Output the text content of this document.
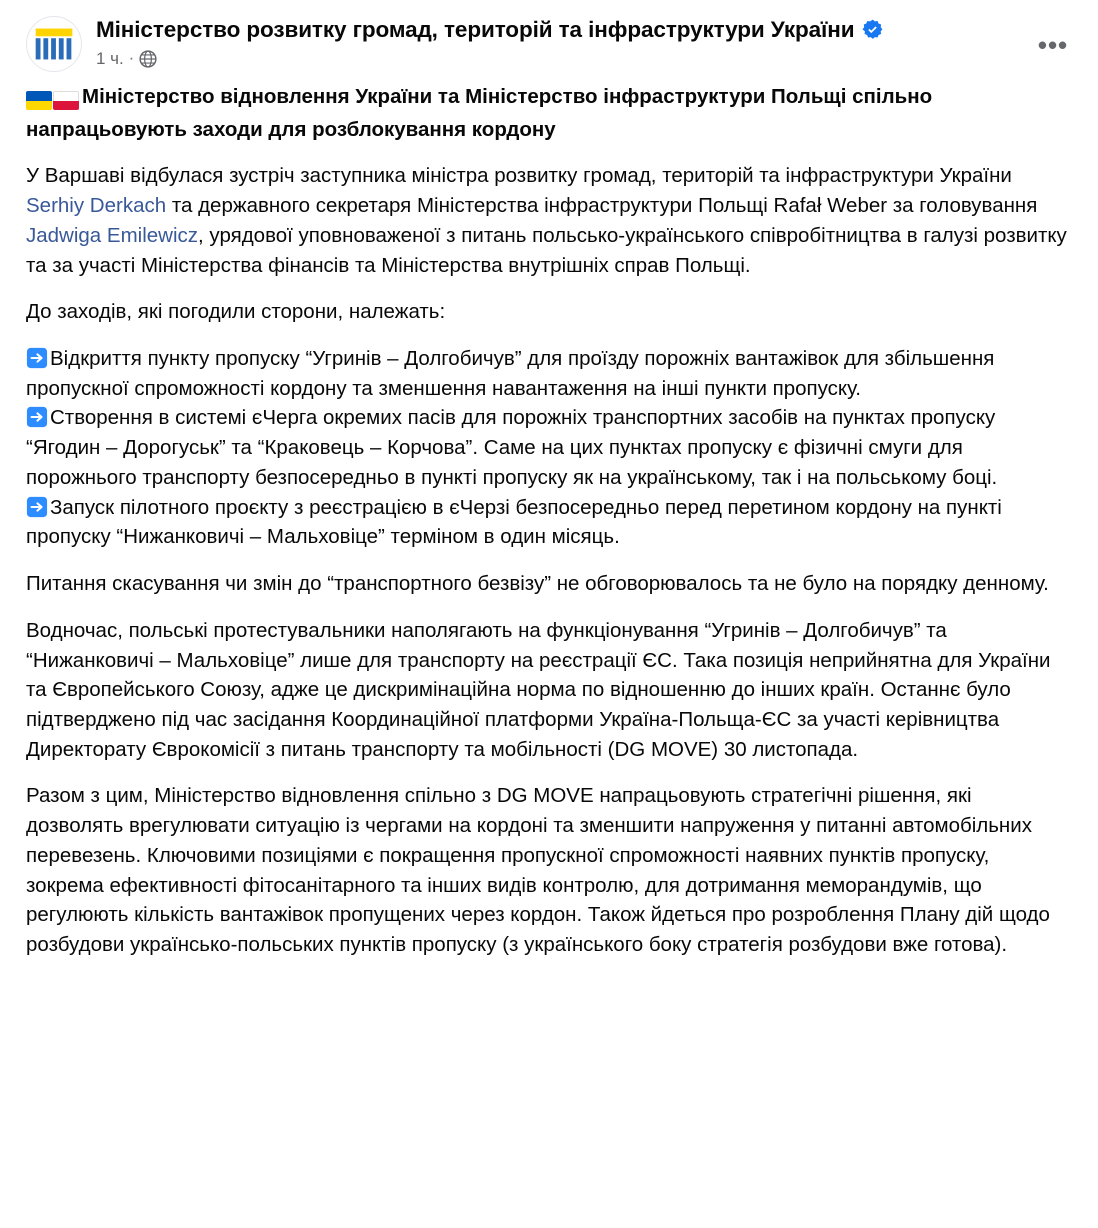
Міністерство розвитку громад, територій та інфраструктури України
1 ч. ·	•••

Міністерство відновлення України та Міністерство інфраструктури Польщі спільно напрацьовують заходи для розблокування кордону

У Варшаві відбулася зустріч заступника міністра розвитку громад, територій та інфраструктури України Serhiy Derkach та державного секретаря Міністерства інфраструктури Польщі Rafał Weber за головування Jadwiga Emilewicz, урядової уповноваженої з питань польсько-українського співробітництва в галузі розвитку та за участі Міністерства фінансів та Міністерства внутрішніх справ Польщі.

До заходів, які погодили сторони, належать:

Відкриття пункту пропуску “Угринів – Долгобичув” для проїзду порожніх вантажівок для збільшення пропускної спроможності кордону та зменшення навантаження на інші пункти пропуску.

Створення в системі єЧерга окремих пасів для порожніх транспортних засобів на пунктах пропуску “Ягодин – Дорогуськ” та “Краковець – Корчова”. Саме на цих пунктах пропуску є фізичні смуги для порожнього транспорту безпосередньо в пункті пропуску як на українському, так і на польському боці.

Запуск пілотного проєкту з реєстрацією в єЧерзі безпосередньо перед перетином кордону на пункті пропуску “Нижанковичі – Мальховіце” терміном в один місяць.

Питання скасування чи змін до “транспортного безвізу” не обговорювалось та не було на порядку денному.

Водночас, польські протестувальники наполягають на функціонування “Угринів – Долгобичув” та “Нижанковичі – Мальховіце” лише для транспорту на реєстрації ЄС. Така позиція неприйнятна для України та Європейського Союзу, адже це дискримінаційна норма по відношенню до інших країн. Останнє було підтверджено під час засідання Координаційної платформи Україна-Польща-ЄС за участі керівництва Директорату Єврокомісії з питань транспорту та мобільності (DG MOVE) 30 листопада.

Разом з цим, Міністерство відновлення спільно з DG MOVE напрацьовують стратегічні рішення, які дозволять врегулювати ситуацію із чергами на кордоні та зменшити напруження у питанні автомобільних перевезень. Ключовими позиціями є покращення пропускної спроможності наявних пунктів пропуску, зокрема ефективності фітосанітарного та інших видів контролю, для дотримання меморандумів, що регулюють кількість вантажівок пропущених через кордон. Також йдеться про розроблення Плану дій щодо розбудови українсько-польських пунктів пропуску (з українського боку стратегія розбудови вже готова).
